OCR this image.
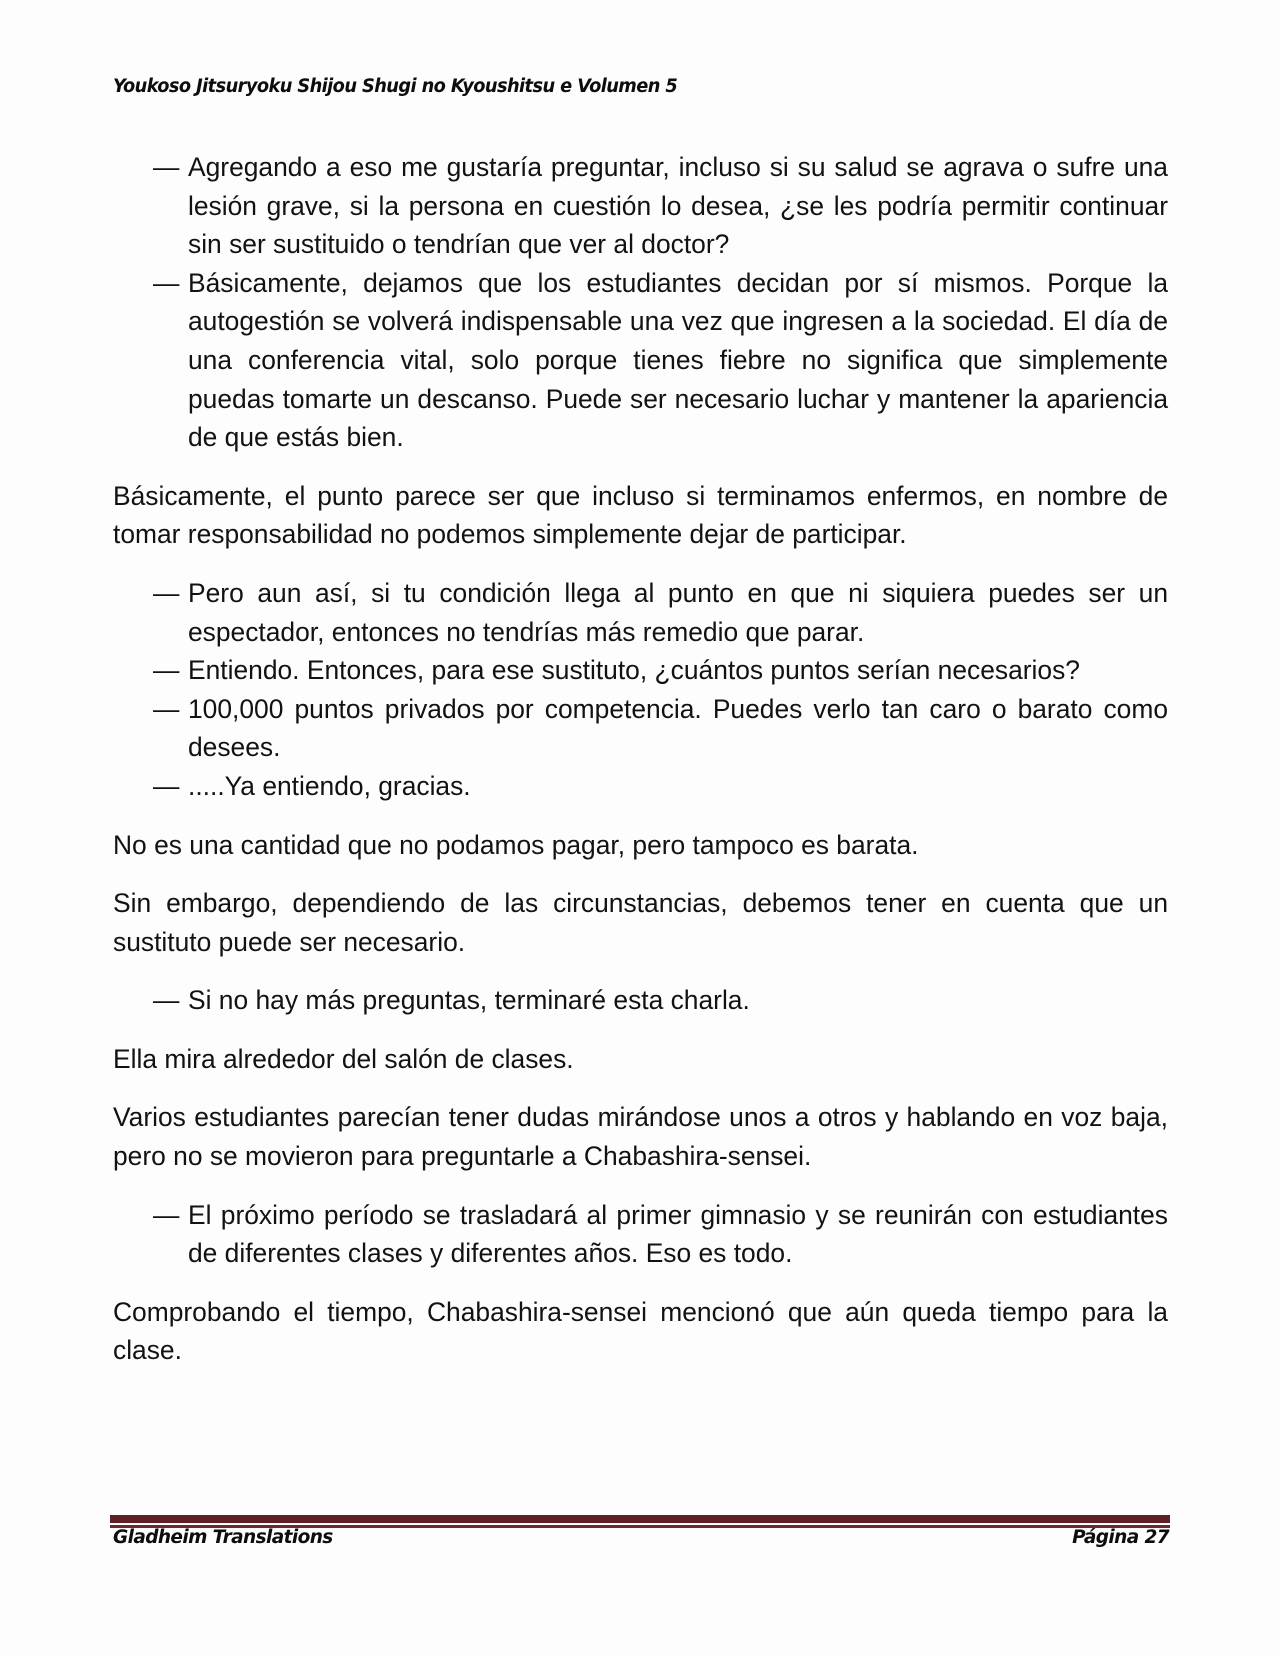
Youkoso Jitsuryoku Shijou Shugi no Kyoushitsu e Volumen 5

— Agregando a eso me gustaría preguntar, incluso si su salud se agrava o sufre una lesión grave, si la persona en cuestión lo desea, ¿se les podría permitir continuar sin ser sustituido o tendrían que ver al doctor?

— Básicamente, dejamos que los estudiantes decidan por sí mismos. Porque la autogestión se volverá indispensable una vez que ingresen a la sociedad. El día de una conferencia vital, solo porque tienes fiebre no significa que simplemente puedas tomarte un descanso. Puede ser necesario luchar y mantener la apariencia de que estás bien.

Básicamente, el punto parece ser que incluso si terminamos enfermos, en nombre de tomar responsabilidad no podemos simplemente dejar de participar.

— Pero aun así, si tu condición llega al punto en que ni siquiera puedes ser un espectador, entonces no tendrías más remedio que parar.

— Entiendo. Entonces, para ese sustituto, ¿cuántos puntos serían necesarios?

— 100,000 puntos privados por competencia. Puedes verlo tan caro o barato como desees.

— .....Ya entiendo, gracias.

No es una cantidad que no podamos pagar, pero tampoco es barata.

Sin embargo, dependiendo de las circunstancias, debemos tener en cuenta que un sustituto puede ser necesario.

— Si no hay más preguntas, terminaré esta charla.

Ella mira alrededor del salón de clases.

Varios estudiantes parecían tener dudas mirándose unos a otros y hablando en voz baja, pero no se movieron para preguntarle a Chabashira-sensei.

— El próximo período se trasladará al primer gimnasio y se reunirán con estudiantes de diferentes clases y diferentes años. Eso es todo.

Comprobando el tiempo, Chabashira-sensei mencionó que aún queda tiempo para la clase.

Gladheim Translations	Página 27
